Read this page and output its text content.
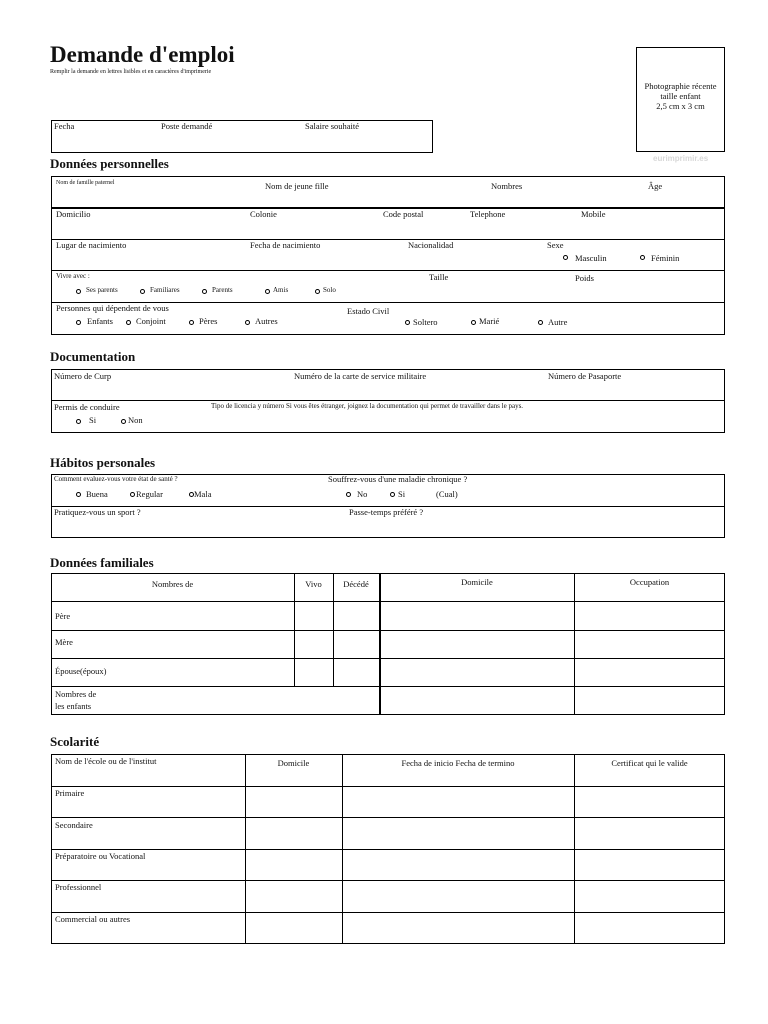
Demande d'emploi
Remplir la demande en lettres lisibles et en caractères d'imprimerie
Photographie récente
taille enfant
2,5 cm x 3 cm
eurimprimir.es
Fecha	Poste demandé	Salaire souhaité
Données personnelles
Nom de famille paternel	Nom de jeune fille	Nombres	Âge
Domicilio	Colonie	Code postal	Telephone	Mobile
Lugar de nacimiento	Fecha de nacimiento	Nacionalidad	Sexe
Masculin	Féminin
Vivre avec :
Ses parents	Familiares	Parents	Amis	Solo
Taille	Poids
Personnes qui dépendent de vous
Enfants	Conjoint	Pères	Autres
Estado Civil
Soltero	Marié	Autre
Documentation
Número de Curp	Numéro de la carte de service militaire	Número de Pasaporte
Permis de conduire	Tipo de licencia y número Si vous êtes étranger, joignez la documentation qui permet de travailler dans le pays.
Si	Non
Hábitos personales
Comment evaluez-vous votre état de santé ?
Buena	Regular	Mala
Souffrez-vous d'une maladie chronique ?
No	Si	(Cual)
Pratiquez-vous un sport ?	Passe-temps préféré ?
Données familiales
Nombres de	Vivo	Décédé	Domicile	Occupation
Père
Mère
Épouse(époux)
Nombres de
les enfants
Scolarité
Nom de l'école ou de l'institut	Domicile	Fecha de inicio Fecha de termino	Certificat qui le valide
Primaire
Secondaire
Préparatoire ou Vocational
Professionnel
Commercial ou autres
